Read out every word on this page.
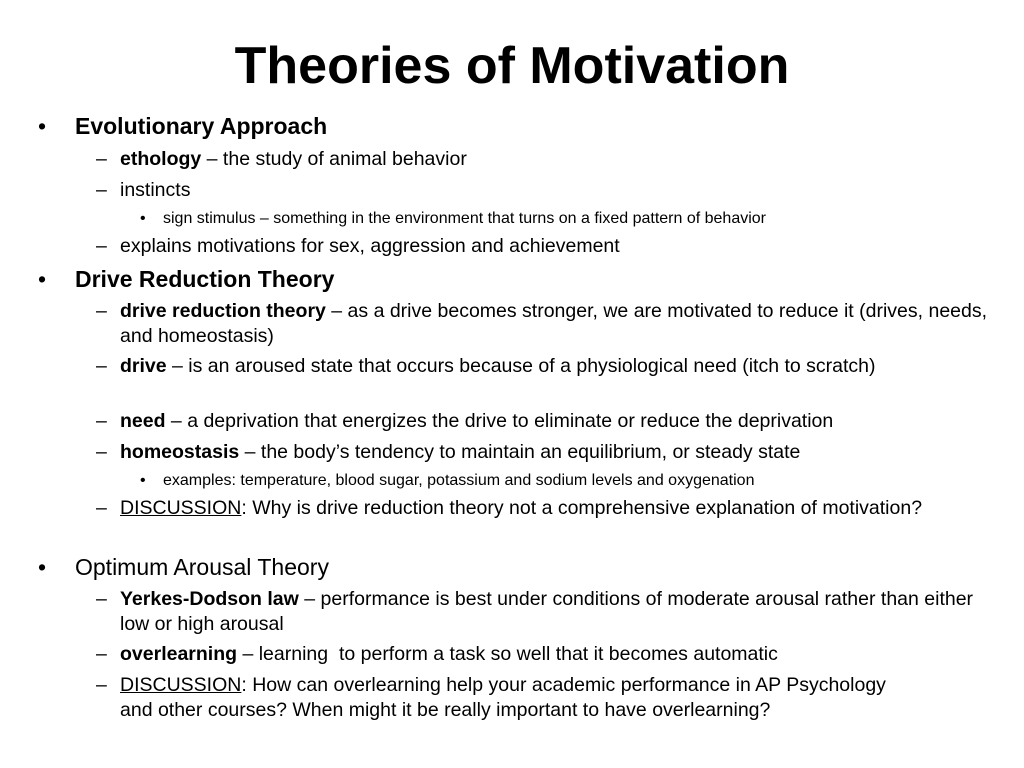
Theories of Motivation
• Evolutionary Approach
– ethology – the study of animal behavior
– instincts
• sign stimulus – something in the environment that turns on a fixed pattern of behavior
– explains motivations for sex, aggression and achievement
• Drive Reduction Theory
– drive reduction theory – as a drive becomes stronger, we are motivated to reduce it (drives, needs, and homeostasis)
– drive – is an aroused state that occurs because of a physiological need (itch to scratch)
– need – a deprivation that energizes the drive to eliminate or reduce the deprivation
– homeostasis – the body’s tendency to maintain an equilibrium, or steady state
• examples: temperature, blood sugar, potassium and sodium levels and oxygenation
– DISCUSSION: Why is drive reduction theory not a comprehensive explanation of motivation?
• Optimum Arousal Theory
– Yerkes-Dodson law – performance is best under conditions of moderate arousal rather than either low or high arousal
– overlearning – learning  to perform a task so well that it becomes automatic
– DISCUSSION: How can overlearning help your academic performance in AP Psychology and other courses? When might it be really important to have overlearning?
